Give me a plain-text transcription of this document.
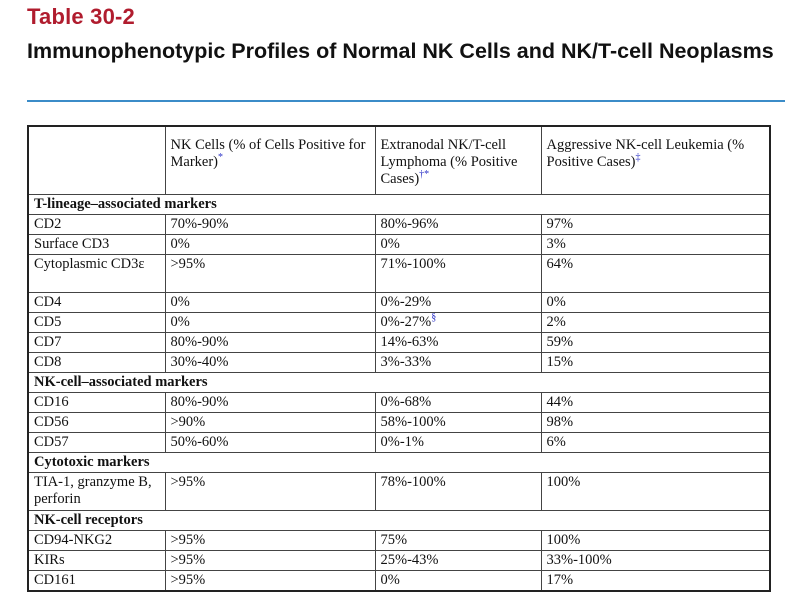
Table 30-2
Immunophenotypic Profiles of Normal NK Cells and NK/T-cell Neoplasms
	NK Cells (% of Cells Positive for Marker)*	Extranodal NK/T-cell Lymphoma (% Positive Cases)†*	Aggressive NK-cell Leukemia (% Positive Cases)‡
T-lineage–associated markers			
CD2	70%-90%	80%-96%	97%
Surface CD3	0%	0%	3%
Cytoplasmic CD3ε	>95%	71%-100%	64%
CD4	0%	0%-29%	0%
CD5	0%	0%-27%§	2%
CD7	80%-90%	14%-63%	59%
CD8	30%-40%	3%-33%	15%
NK-cell–associated markers			
CD16	80%-90%	0%-68%	44%
CD56	>90%	58%-100%	98%
CD57	50%-60%	0%-1%	6%
Cytotoxic markers			
TIA-1, granzyme B, perforin	>95%	78%-100%	100%
NK-cell receptors			
CD94-NKG2	>95%	75%	100%
KIRs	>95%	25%-43%	33%-100%
CD161	>95%	0%	17%
